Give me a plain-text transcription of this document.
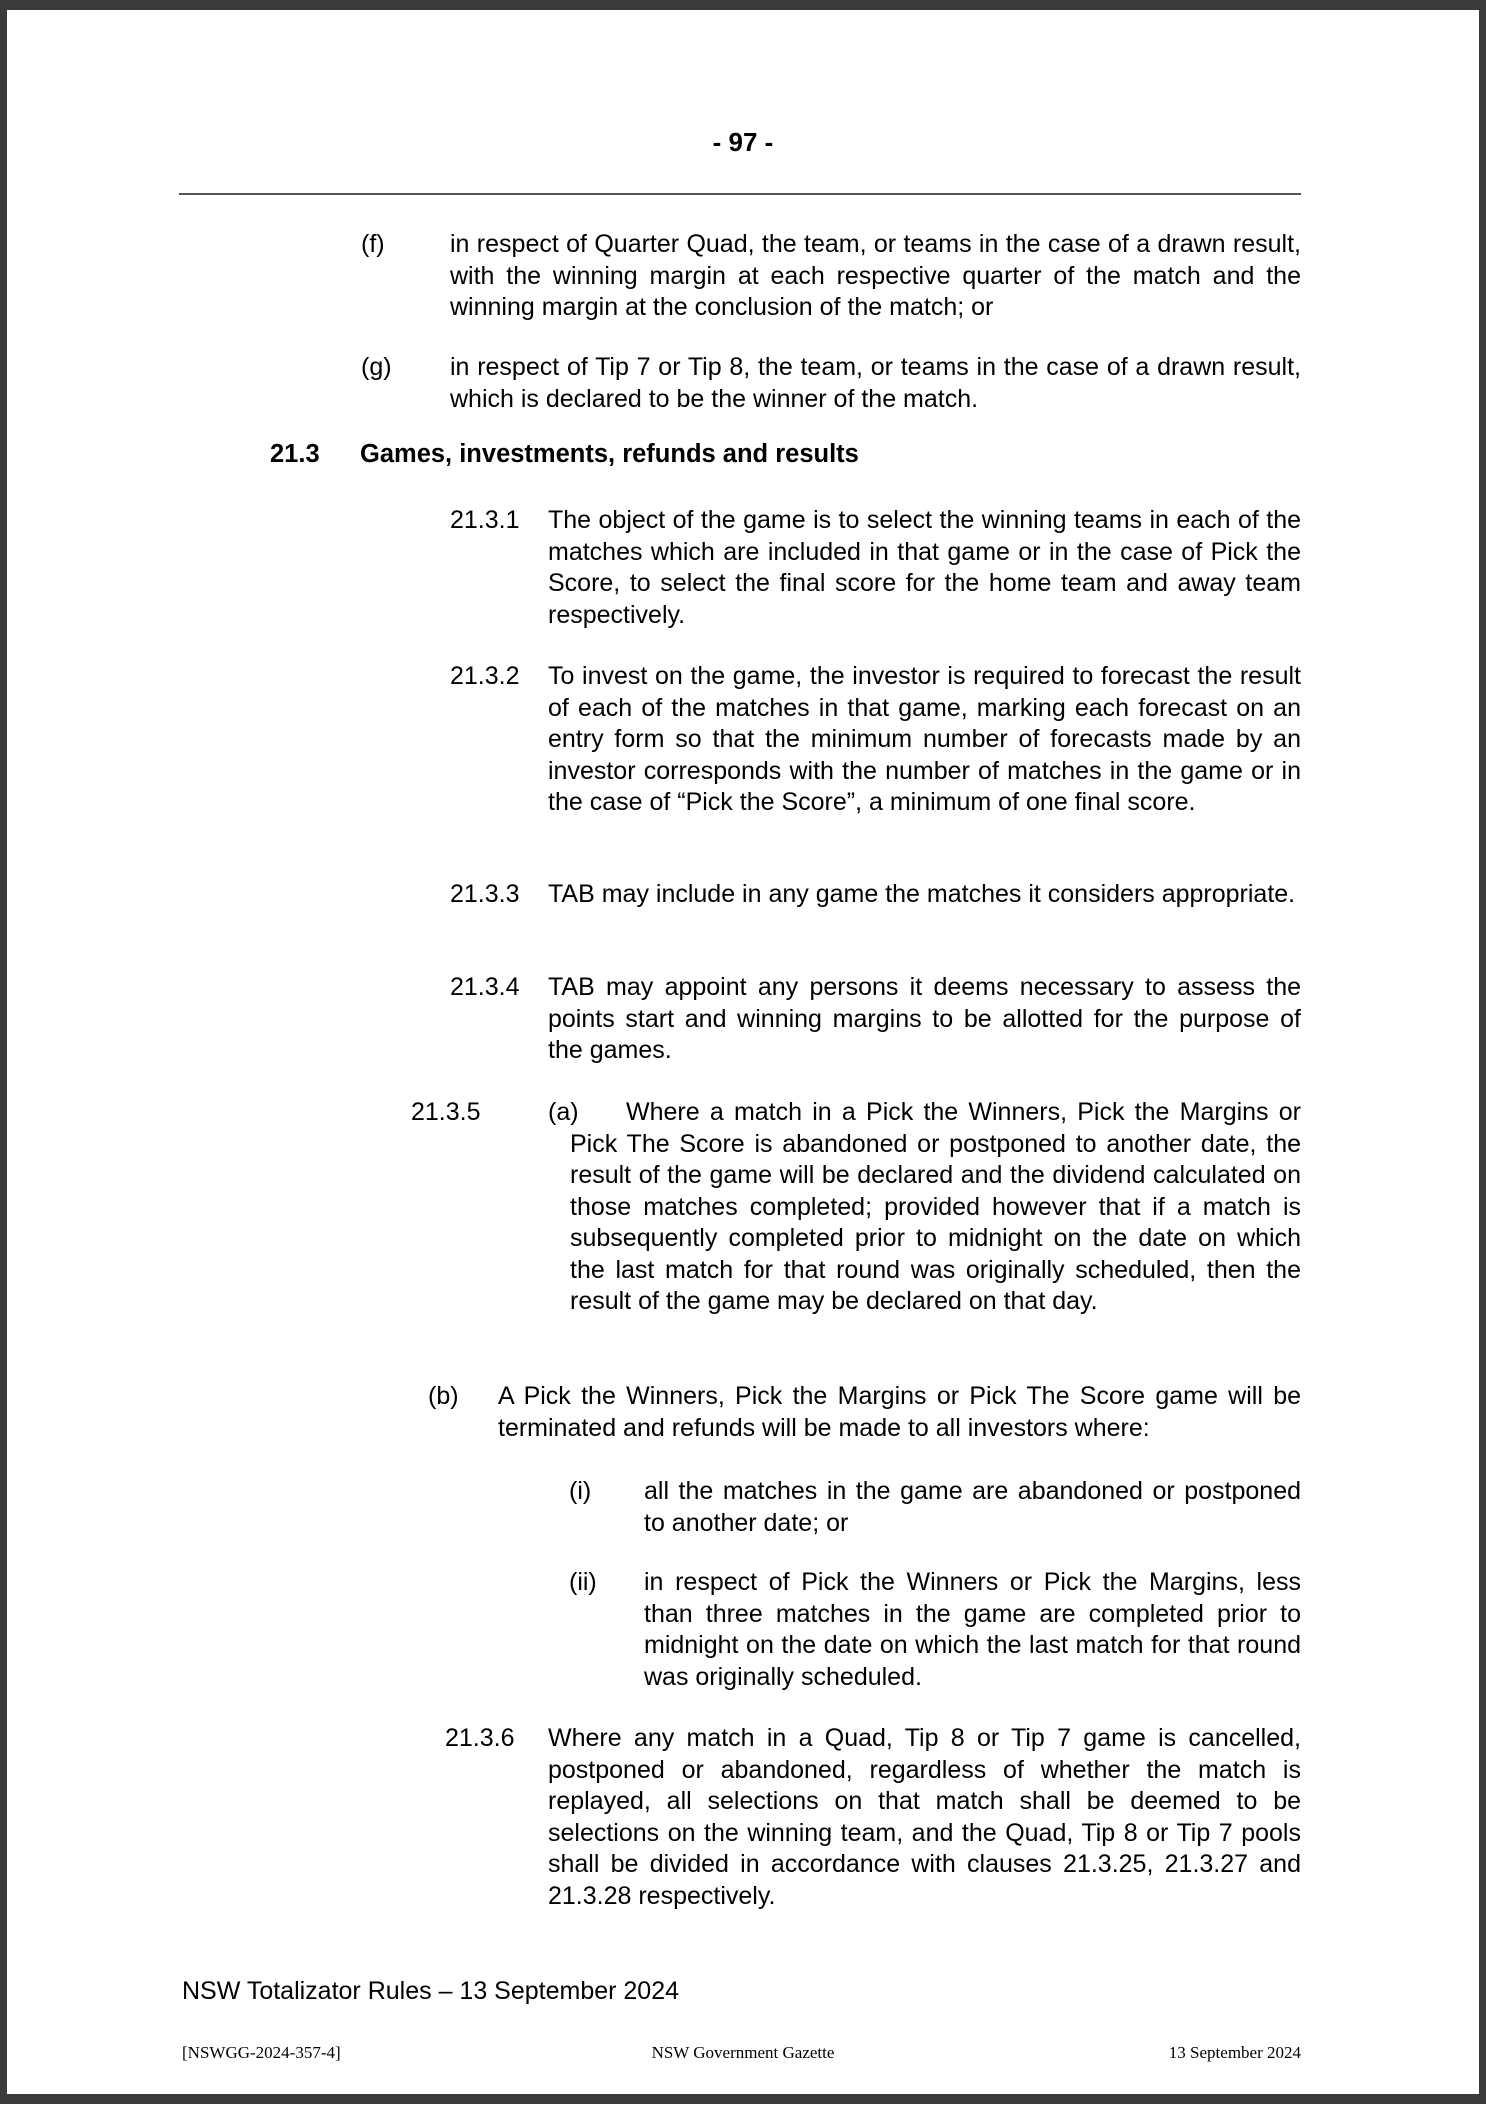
- 97 -
(f)	in respect of Quarter Quad, the team, or teams in the case of a drawn result, with the winning margin at each respective quarter of the match and the winning margin at the conclusion of the match; or
(g) in respect of Tip 7 or Tip 8, the team, or teams in the case of a drawn result, which is declared to be the winner of the match.
21.3 Games, investments, refunds and results
21.3.1 The object of the game is to select the winning teams in each of the matches which are included in that game or in the case of Pick the Score, to select the final score for the home team and away team respectively.
21.3.2 To invest on the game, the investor is required to forecast the result of each of the matches in that game, marking each forecast on an entry form so that the minimum number of forecasts made by an investor corresponds with the number of matches in the game or in the case of “Pick the Score”, a minimum of one final score.
21.3.3 TAB may include in any game the matches it considers appropriate.
21.3.4 TAB may appoint any persons it deems necessary to assess the points start and winning margins to be allotted for the purpose of the games.
21.3.5	(a)	Where a match in a Pick the Winners, Pick the Margins or Pick The Score is abandoned or postponed to another date, the result of the game will be declared and the dividend calculated on those matches completed; provided however that if a match is subsequently completed prior to midnight on the date on which the last match for that round was originally scheduled, then the result of the game may be declared on that day.
(b) A Pick the Winners, Pick the Margins or Pick The Score game will be terminated and refunds will be made to all investors where:
(i) all the matches in the game are abandoned or postponed to another date; or
(ii) in respect of Pick the Winners or Pick the Margins, less than three matches in the game are completed prior to midnight on the date on which the last match for that round was originally scheduled.
21.3.6 Where any match in a Quad, Tip 8 or Tip 7 game is cancelled, postponed or abandoned, regardless of whether the match is replayed, all selections on that match shall be deemed to be selections on the winning team, and the Quad, Tip 8 or Tip 7 pools shall be divided in accordance with clauses 21.3.25, 21.3.27 and 21.3.28 respectively.
NSW Totalizator Rules – 13 September 2024
[NSWGG-2024-357-4]	NSW Government Gazette	13 September 2024
